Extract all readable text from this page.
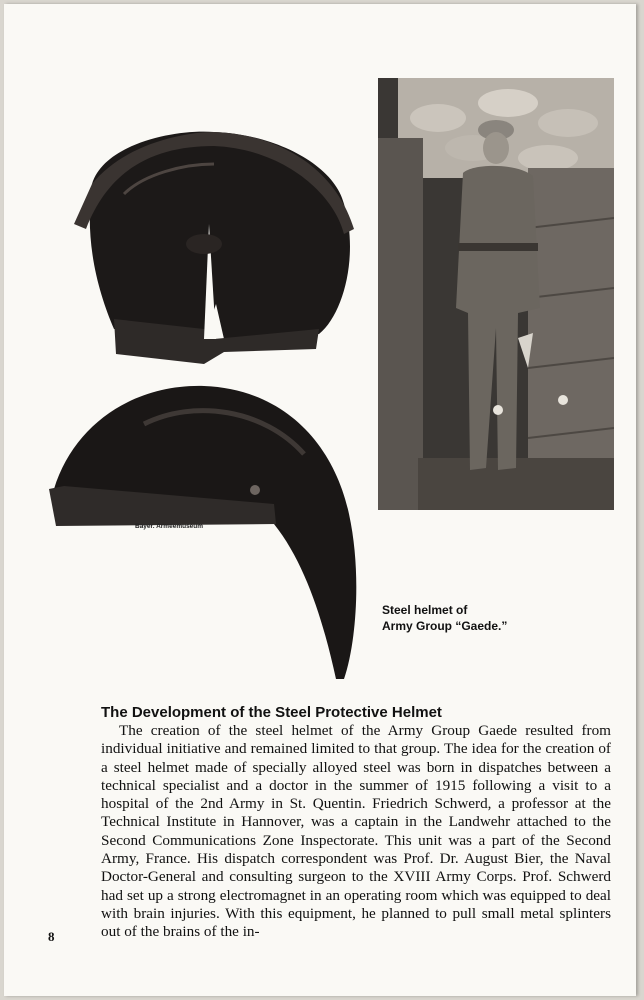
Bayer. Armeemuseum
Steel helmet of
Army Group “Gaede.”
The Development of the Steel Protective Helmet
The creation of the steel helmet of the Army Group Gaede resulted from individual initiative and remained limited to that group. The idea for the creation of a steel helmet made of specially alloyed steel was born in dispatches between a technical specialist and a doctor in the summer of 1915 following a visit to a hospital of the 2nd Army in St. Quentin. Friedrich Schwerd, a professor at the Technical Institute in Hannover, was a captain in the Landwehr attached to the Second Communications Zone Inspectorate. This unit was a part of the Second Army, France. His dispatch correspondent was Prof. Dr. August Bier, the Naval Doctor-General and consulting surgeon to the XVIII Army Corps. Prof. Schwerd had set up a strong electromagnet in an operating room which was equipped to deal with brain injuries. With this equipment, he planned to pull small metal splinters out of the brains of the in-
8
